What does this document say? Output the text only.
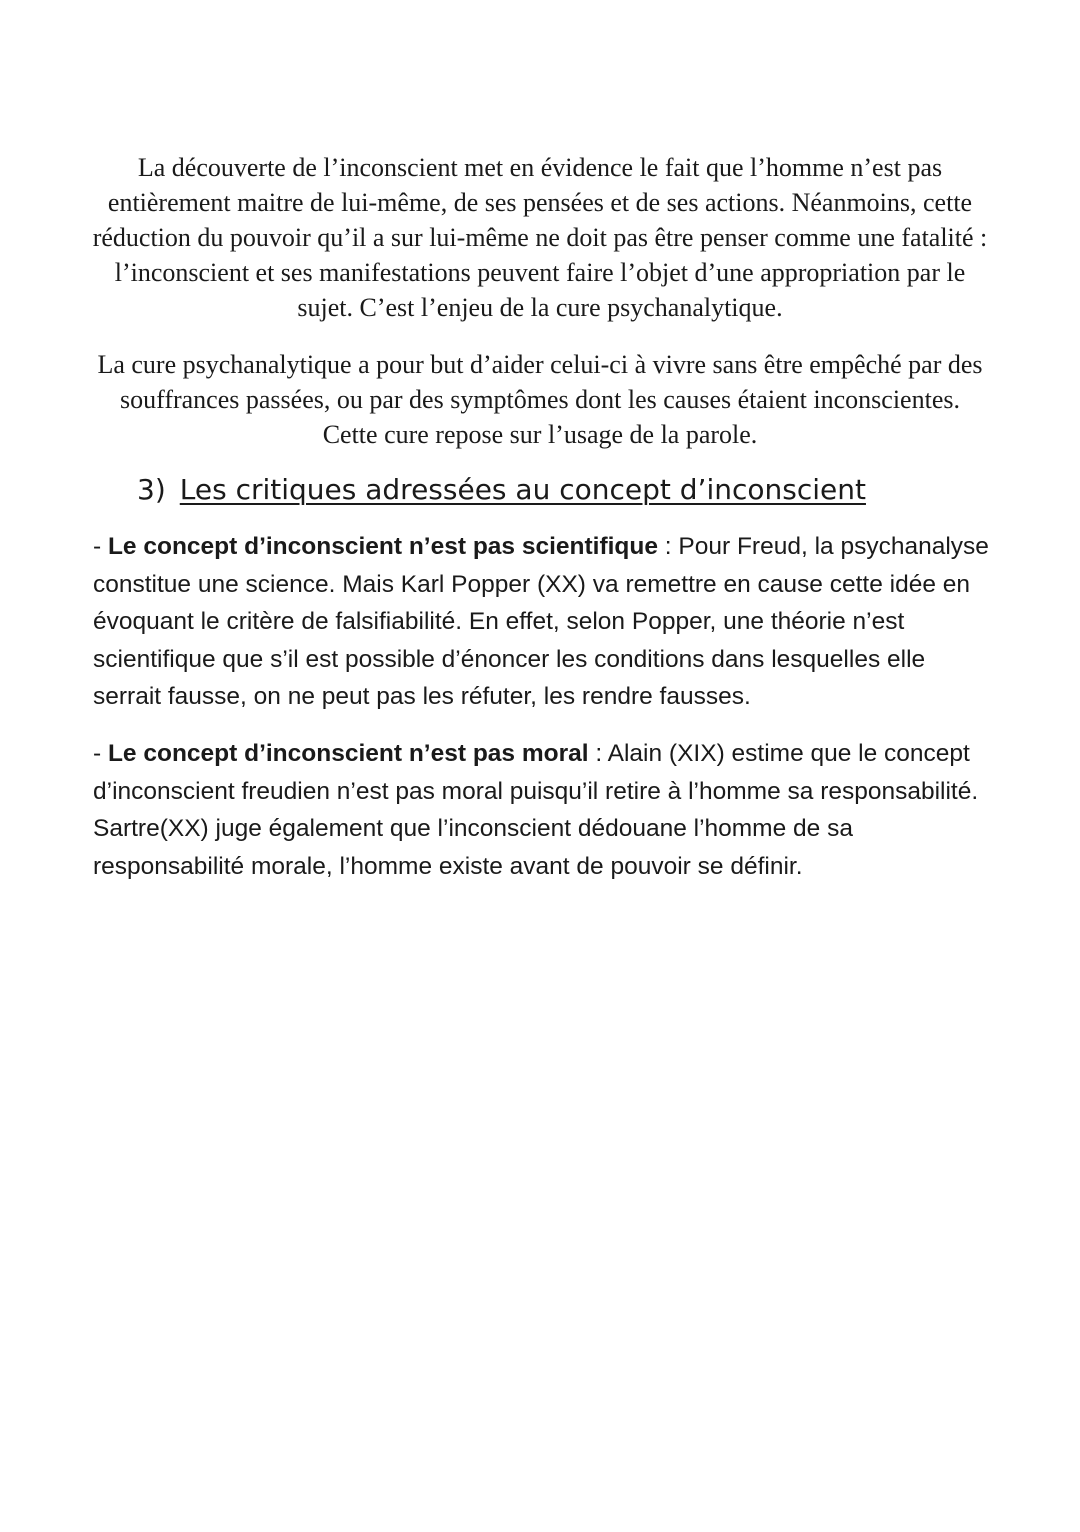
La découverte de l’inconscient met en évidence le fait que l’homme n’est pas entièrement maitre de lui-même, de ses pensées et de ses actions. Néanmoins, cette réduction du pouvoir qu’il a sur lui-même ne doit pas être penser comme une fatalité : l’inconscient et ses manifestations peuvent faire l’objet d’une appropriation par le sujet. C’est l’enjeu de la cure psychanalytique.

La cure psychanalytique a pour but d’aider celui-ci à vivre sans être empêché par des souffrances passées, ou par des symptômes dont les causes étaient inconscientes. Cette cure repose sur l’usage de la parole.

3) Les critiques adressées au concept d’inconscient

- Le concept d’inconscient n’est pas scientifique : Pour Freud, la psychanalyse constitue une science. Mais Karl Popper (XX) va remettre en cause cette idée en évoquant le critère de falsifiabilité. En effet, selon Popper, une théorie n’est scientifique que s’il est possible d’énoncer les conditions dans lesquelles elle serrait fausse, on ne peut pas les réfuter, les rendre fausses.

- Le concept d’inconscient n’est pas moral : Alain (XIX) estime que le concept d’inconscient freudien n’est pas moral puisqu’il retire à l’homme sa responsabilité. Sartre(XX) juge également que l’inconscient dédouane l’homme de sa responsabilité morale, l’homme existe avant de pouvoir se définir.
